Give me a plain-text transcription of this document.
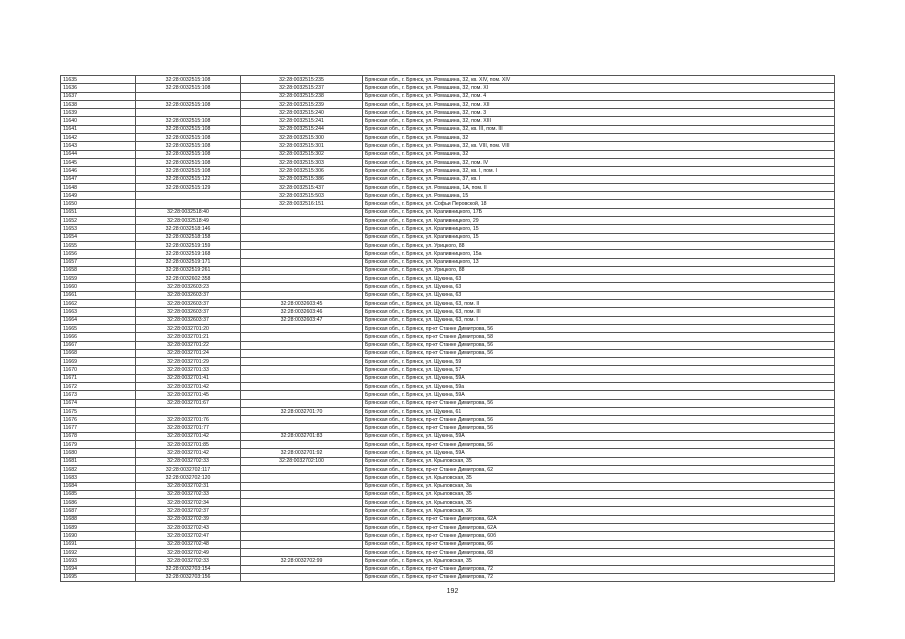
11635	32:28:0032515:108	32:28:0032515:235	Брянская обл., г. Брянск, ул. Ромашина, 32, кв. XIV, пом. XIV
11636	32:28:0032515:108	32:28:0032515:237	Брянская обл., г. Брянск, ул. Ромашина, 32, пом. XI
11637		32:28:0032515:238	Брянская обл., г. Брянск, ул. Ромашина, 32, пом. 4
11638	32:28:0032515:108	32:28:0032515:239	Брянская обл., г. Брянск, ул. Ромашина, 32, пом. XII
11639		32:28:0032515:240	Брянская обл., г. Брянск, ул. Ромашина, 32, пом. 3
11640	32:28:0032515:108	32:28:0032515:241	Брянская обл., г. Брянск, ул. Ромашина, 32, пом. XIII
11641	32:28:0032515:108	32:28:0032515:244	Брянская обл., г. Брянск, ул. Ромашина, 32, кв. III, пом. III
11642	32:28:0032515:108	32:28:0032515:300	Брянская обл., г. Брянск, ул. Ромашина, 32
11643	32:28:0032515:108	32:28:0032515:301	Брянская обл., г. Брянск, ул. Ромашина, 32, кв. VIII, пом. VIII
11644	32:28:0032515:108	32:28:0032515:302	Брянская обл., г. Брянск, ул. Ромашина, 32
11645	32:28:0032515:108	32:28:0032515:303	Брянская обл., г. Брянск, ул. Ромашина, 32, пом. IV
11646	32:28:0032515:108	32:28:0032515:306	Брянская обл., г. Брянск, ул. Ромашина, 32, кв. I, пом. I
11647	32:28:0032515:122	32:28:0032515:386	Брянская обл., г. Брянск, ул. Ромашина, 37, кв. I
11648	32:28:0032515:129	32:28:0032515:437	Брянская обл., г. Брянск, ул. Ромашина, 1А, пом. II
11649		32:28:0032515:503	Брянская обл., г. Брянск, ул. Ромашина, 15
11650		32:28:0032516:151	Брянская обл., г. Брянск, ул. Софьи Перовской, 18
11651	32:28:0032518:40		Брянская обл., г. Брянск, ул. Крапивницкого, 17Б
11652	32:28:0032518:49		Брянская обл., г. Брянск, ул. Крапивницкого, 29
11653	32:28:0032518:146		Брянская обл., г. Брянск, ул. Крапивницкого, 15
11654	32:28:0032518:158		Брянская обл., г. Брянск, ул. Крапивницкого, 15
11655	32:28:0032519:159		Брянская обл., г. Брянск, ул. Урицкого, 88
11656	32:28:0032519:168		Брянская обл., г. Брянск, ул. Крапивницкого, 15а
11657	32:28:0032519:171		Брянская обл., г. Брянск, ул. Крапивницкого, 13
11658	32:28:0032519:261		Брянская обл., г. Брянск, ул. Урицкого, 88
11659	32:28:0032602:358		Брянская обл., г. Брянск, ул. Щукина, 63
11660	32:28:0032603:23		Брянская обл., г. Брянск, ул. Щукина, 63
11661	32:28:0032603:37		Брянская обл., г. Брянск, ул. Щукина, 63
11662	32:28:0032603:37	32:28:0032603:45	Брянская обл., г. Брянск, ул. Щукина, 63, пом. II
11663	32:28:0032603:37	32:28:0032603:46	Брянская обл., г. Брянск, ул. Щукина, 63, пом. III
11664	32:28:0032603:37	32:28:0032603:47	Брянская обл., г. Брянск, ул. Щукина, 63, пом. I
11665	32:28:0032701:20		Брянская обл., г. Брянск, пр-кт Станке Димитрова, 56
11666	32:28:0032701:21		Брянская обл., г. Брянск, пр-кт Станке Димитрова, 58
11667	32:28:0032701:22		Брянская обл., г. Брянск, пр-кт Станке Димитрова, 56
11668	32:28:0032701:24		Брянская обл., г. Брянск, пр-кт Станке Димитрова, 56
11669	32:28:0032701:29		Брянская обл., г. Брянск, ул. Щукина, 59
11670	32:28:0032701:33		Брянская обл., г. Брянск, ул. Щукина, 57
11671	32:28:0032701:41		Брянская обл., г. Брянск, ул. Щукина, 59А
11672	32:28:0032701:42		Брянская обл., г. Брянск, ул. Щукина, 59а
11673	32:28:0032701:45		Брянская обл., г. Брянск, ул. Щукина, 59А
11674	32:28:0032701:67		Брянская обл., г. Брянск, пр-кт Станке Димитрова, 56
11675		32:28:0032701:70	Брянская обл., г. Брянск, ул. Щукина, 61
11676	32:28:0032701:76		Брянская обл., г. Брянск, пр-кт Станке Димитрова, 56
11677	32:28:0032701:77		Брянская обл., г. Брянск, пр-кт Станке Димитрова, 56
11678	32:28:0032701:42	32:28:0032701:83	Брянская обл., г. Брянск, ул. Щукина, 59А
11679	32:28:0032701:85		Брянская обл., г. Брянск, пр-кт Станке Димитрова, 56
11680	32:28:0032701:42	32:28:0032701:92	Брянская обл., г. Брянск, ул. Щукина, 59А
11681	32:28:0032702:33	32:28:0032702:100	Брянская обл., г. Брянск, ул. Крыловская, 35
11682	32:28:0032702:117		Брянская обл., г. Брянск, пр-кт Станке Димитрова, 62
11683	32:28:0032702:120		Брянская обл., г. Брянск, ул. Крыловская, 35
11684	32:28:0032702:31		Брянская обл., г. Брянск, ул. Крыловская, 3а
11685	32:28:0032702:33		Брянская обл., г. Брянск, ул. Крыловская, 35
11686	32:28:0032702:34		Брянская обл., г. Брянск, ул. Крыловская, 35
11687	32:28:0032702:37		Брянская обл., г. Брянск, ул. Крыловская, 36
11688	32:28:0032702:39		Брянская обл., г. Брянск, пр-кт Станке Димитрова, 62А
11689	32:28:0032702:43		Брянская обл., г. Брянск, пр-кт Станке Димитрова, 62А
11690	32:28:0032702:47		Брянская обл., г. Брянск, пр-кт Станке Димитрова, 60б
11691	32:28:0032702:48		Брянская обл., г. Брянск, пр-кт Станке Димитрова, 66
11692	32:28:0032702:49		Брянская обл., г. Брянск, пр-кт Станке Димитрова, 68
11693	32:28:0032702:33	32:28:0032702:99	Брянская обл., г. Брянск, ул. Крыловская, 35
11694	32:28:0032703:154		Брянская обл., г. Брянск, пр-кт Станке Димитрова, 72
11695	32:28:0032703:156		Брянская обл., г. Брянск, пр-кт Станке Димитрова, 72
192
